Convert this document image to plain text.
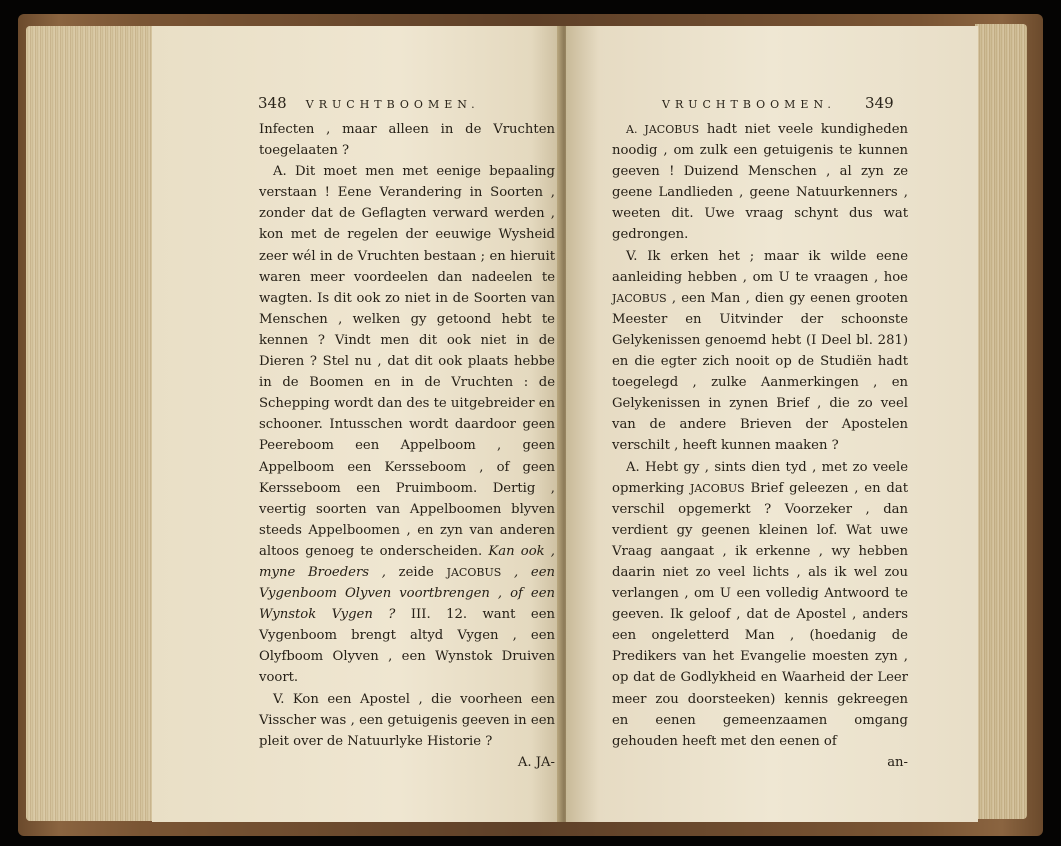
348 VRUCHTBOOMEN.

Infecten , maar alleen in de Vruchten toegelaaten ?

A. Dit moet men met eenige bepaaling verstaan ! Eene Verandering in Soorten , zonder dat de Geflagten verward werden , kon met de regelen der eeuwige Wysheid zeer wél in de Vruchten bestaan ; en hieruit waren meer voordeelen dan nadeelen te wagten. Is dit ook zo niet in de Soorten van Menschen , welken gy getoond hebt te kennen ? Vindt men dit ook niet in de Dieren ? Stel nu , dat dit ook plaats hebbe in de Boomen en in de Vruchten : de Schepping wordt dan des te uitgebreider en schooner. Intusschen wordt daardoor geen Peereboom een Appelboom , geen Appelboom een Kersseboom , of geen Kersseboom een Pruimboom. Dertig , veertig soorten van Appelboomen blyven steeds Appelboomen , en zyn van anderen altoos genoeg te onderscheiden. Kan ook , myne Broeders , zeide JACOBUS , een Vygenboom Olyven voortbrengen , of een Wynstok Vygen ? III. 12. want een Vygenboom brengt altyd Vygen , een Olyfboom Olyven , een Wynstok Druiven voort.

V. Kon een Apostel , die voorheen een Visscher was , een getuigenis geeven in een pleit over de Natuurlyke Historie ?

A. JA-
VRUCHTBOOMEN. 349

A. JACOBUS hadt niet veele kundigheden noodig , om zulk een getuigenis te kunnen geeven ! Duizend Menschen , al zyn ze geene Landlieden , geene Natuurkenners , weeten dit. Uwe vraag schynt dus wat gedrongen.

V. Ik erken het ; maar ik wilde eene aanleiding hebben , om U te vraagen , hoe JACOBUS , een Man , dien gy eenen grooten Meester en Uitvinder der schoonste Gelykenissen genoemd hebt (I Deel bl. 281) en die egter zich nooit op de Studiën hadt toegelegd , zulke Aanmerkingen , en Gelykenissen in zynen Brief , die zo veel van de andere Brieven der Apostelen verschilt , heeft kunnen maaken ?

A. Hebt gy , sints dien tyd , met zo veele opmerking JACOBUS Brief geleezen , en dat verschil opgemerkt ? Voorzeker , dan verdient gy geenen kleinen lof. Wat uwe Vraag aangaat , ik erkenne , wy hebben daarin niet zo veel lichts , als ik wel zou verlangen , om U een volledig Antwoord te geeven. Ik geloof , dat de Apostel , anders een ongeletterd Man , (hoedanig de Predikers van het Evangelie moesten zyn , op dat de Godlykheid en Waarheid der Leer meer zou doorsteeken) kennis gekreegen en eenen gemeenzaamen omgang gehouden heeft met den eenen of

an-
